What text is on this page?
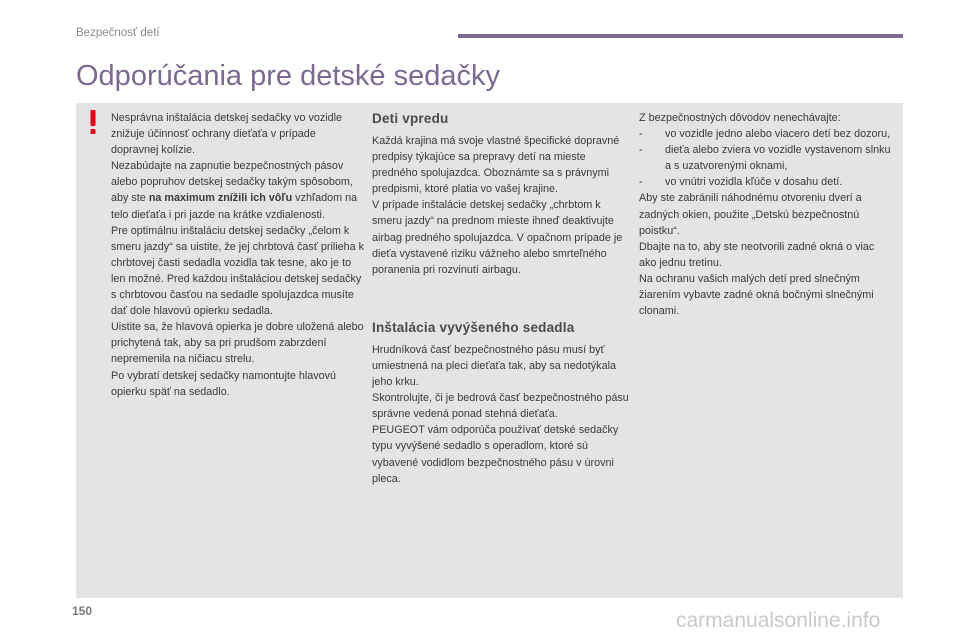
Bezpečnosť detí
Odporúčania pre detské sedačky

Nesprávna inštalácia detskej sedačky vo vozidle znižuje účinnosť ochrany dieťaťa v prípade dopravnej kolízie.

Nezabúdajte na zapnutie bezpečnostných pásov alebo popruhov detskej sedačky takým spôsobom, aby ste na maximum znížili ich vôľu vzhľadom na telo dieťaťa i pri jazde na krátke vzdialenosti.

Pre optimálnu inštaláciu detskej sedačky „čelom k smeru jazdy“ sa uistite, že jej chrbtová časť prilieha k chrbtovej časti sedadla vozidla tak tesne, ako je to len možné. Pred každou inštaláciou detskej sedačky s chrbtovou časťou na sedadle spolujazdca musíte dať dole hlavovú opierku sedadla.

Uistite sa, že hlavová opierka je dobre uložená alebo prichytená tak, aby sa pri prudšom zabrzdení nepremenila na ničiacu strelu.

Po vybratí detskej sedačky namontujte hlavovú opierku späť na sedadlo.

Deti vpredu

Každá krajina má svoje vlastné špecifické dopravné predpisy týkajúce sa prepravy detí na mieste predného spolujazdca. Oboznámte sa s právnymi predpismi, ktoré platia vo vašej krajine.

V prípade inštalácie detskej sedačky „chrbtom k smeru jazdy“ na prednom mieste ihneď deaktivujte airbag predného spolujazdca. V opačnom prípade je dieťa vystavené riziku vážneho alebo smrteľného poranenia pri rozvinutí airbagu.

Inštalácia vyvýšeného sedadla

Hrudníková časť bezpečnostného pásu musí byť umiestnená na pleci dieťaťa tak, aby sa nedotýkala jeho krku.

Skontrolujte, či je bedrová časť bezpečnostného pásu správne vedená ponad stehná dieťaťa.

PEUGEOT vám odporúča používať detské sedačky typu vyvýšené sedadlo s operadlom, ktoré sú vybavené vodidlom bezpečnostného pásu v úrovni pleca.

Z bezpečnostných dôvodov nenechávajte:

- vo vozidle jedno alebo viacero detí bez dozoru,
- dieťa alebo zviera vo vozidle vystavenom slnku a s uzatvorenými oknami,
- vo vnútri vozidla kľúče v dosahu detí.

Aby ste zabránili náhodnému otvoreniu dverí a zadných okien, použite „Detskú bezpečnostnú poistku“.

Dbajte na to, aby ste neotvorili zadné okná o viac ako jednu tretinu.

Na ochranu vašich malých detí pred slnečným žiarením vybavte zadné okná bočnými slnečnými clonami.

150	carmanualsonline.info
